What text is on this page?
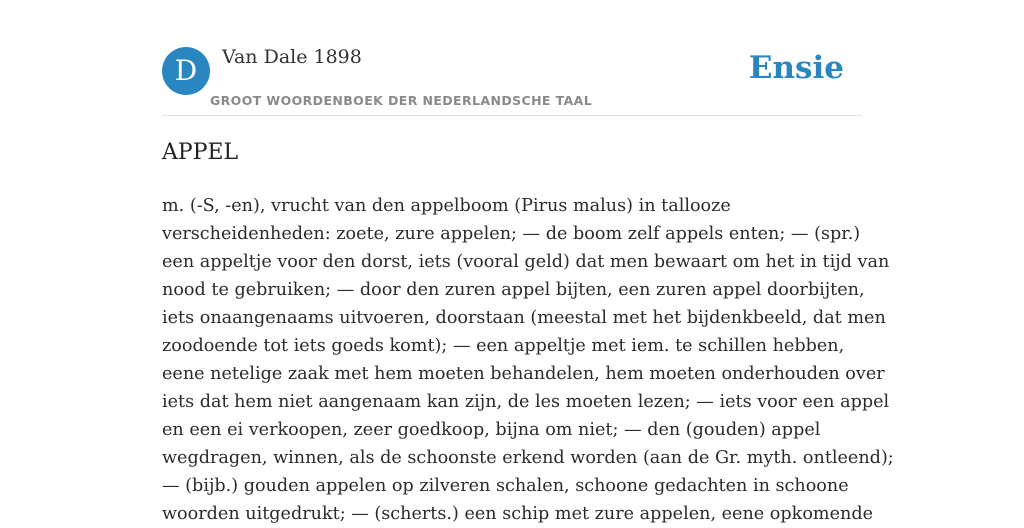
D	Van Dale 1898
GROOT WOORDENBOEK DER NEDERLANDSCHE TAAL
Ensie
APPEL
m. (-S, -en), vrucht van den appelboom (Pirus malus) in tallooze
verscheidenheden: zoete, zure appelen; — de boom zelf appels enten; — (spr.)
een appeltje voor den dorst, iets (vooral geld) dat men bewaart om het in tijd van
nood te gebruiken; — door den zuren appel bijten, een zuren appel doorbijten,
iets onaangenaams uitvoeren, doorstaan (meestal met het bijdenkbeeld, dat men
zoodoende tot iets goeds komt); — een appeltje met iem. te schillen hebben,
eene netelige zaak met hem moeten behandelen, hem moeten onderhouden over
iets dat hem niet aangenaam kan zijn, de les moeten lezen; — iets voor een appel
en een ei verkoopen, zeer goedkoop, bijna om niet; — den (gouden) appel
wegdragen, winnen, als de schoonste erkend worden (aan de Gr. myth. ontleend);
— (bijb.) gouden appelen op zilveren schalen, schoone gedachten in schoone
woorden uitgedrukt; — (scherts.) een schip met zure appelen, eene opkomende
